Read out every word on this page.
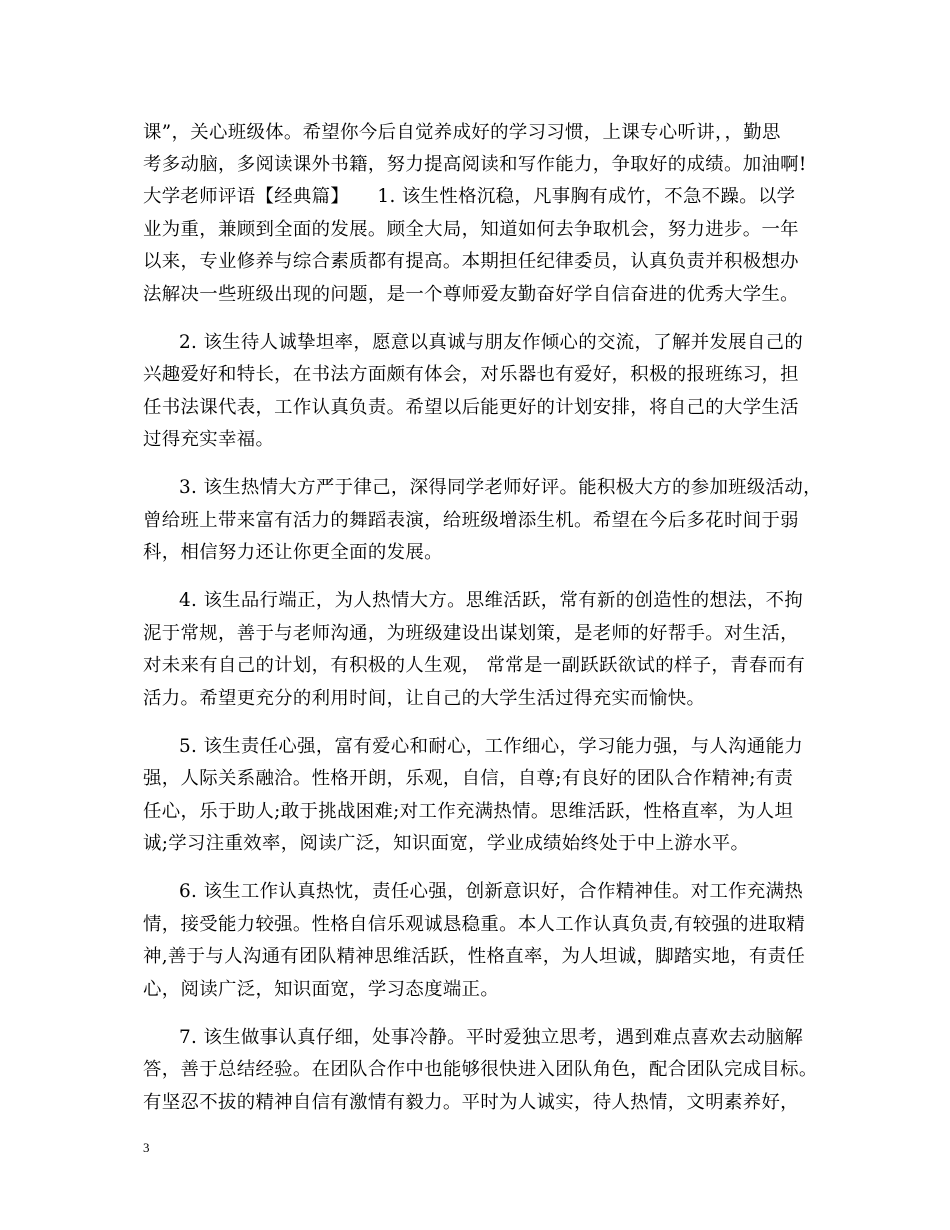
课”，关心班级体。希望你今后自觉养成好的学习习惯，上课专心听讲，，勤思
考多动脑，多阅读课外书籍，努力提高阅读和写作能力，争取好的成绩。加油啊!
大学老师评语【经典篇】　　1. 该生性格沉稳，凡事胸有成竹，不急不躁。以学
业为重，兼顾到全面的发展。顾全大局，知道如何去争取机会，努力进步。一年
以来，专业修养与综合素质都有提高。本期担任纪律委员，认真负责并积极想办
法解决一些班级出现的问题，是一个尊师爱友勤奋好学自信奋进的优秀大学生。
2. 该生待人诚挚坦率，愿意以真诚与朋友作倾心的交流，了解并发展自己的
兴趣爱好和特长，在书法方面颇有体会，对乐器也有爱好，积极的报班练习，担
任书法课代表，工作认真负责。希望以后能更好的计划安排，将自己的大学生活
过得充实幸福。
3. 该生热情大方严于律己，深得同学老师好评。能积极大方的参加班级活动，
曾给班上带来富有活力的舞蹈表演，给班级增添生机。希望在今后多花时间于弱
科，相信努力还让你更全面的发展。
4. 该生品行端正，为人热情大方。思维活跃，常有新的创造性的想法，不拘
泥于常规，善于与老师沟通，为班级建设出谋划策，是老师的好帮手。对生活，
对未来有自己的计划，有积极的人生观， 常常是一副跃跃欲试的样子，青春而有
活力。希望更充分的利用时间，让自己的大学生活过得充实而愉快。
5. 该生责任心强，富有爱心和耐心，工作细心，学习能力强，与人沟通能力
强，人际关系融洽。性格开朗，乐观，自信，自尊;有良好的团队合作精神;有责
任心，乐于助人;敢于挑战困难;对工作充满热情。思维活跃，性格直率，为人坦
诚;学习注重效率，阅读广泛，知识面宽，学业成绩始终处于中上游水平。
6. 该生工作认真热忱，责任心强，创新意识好，合作精神佳。对工作充满热
情，接受能力较强。性格自信乐观诚恳稳重。本人工作认真负责,有较强的进取精
神,善于与人沟通有团队精神思维活跃，性格直率，为人坦诚，脚踏实地，有责任
心，阅读广泛，知识面宽，学习态度端正。
7. 该生做事认真仔细，处事冷静。平时爱独立思考，遇到难点喜欢去动脑解
答，善于总结经验。在团队合作中也能够很快进入团队角色，配合团队完成目标。
有坚忍不拔的精神自信有激情有毅力。平时为人诚实，待人热情，文明素养好，
3
